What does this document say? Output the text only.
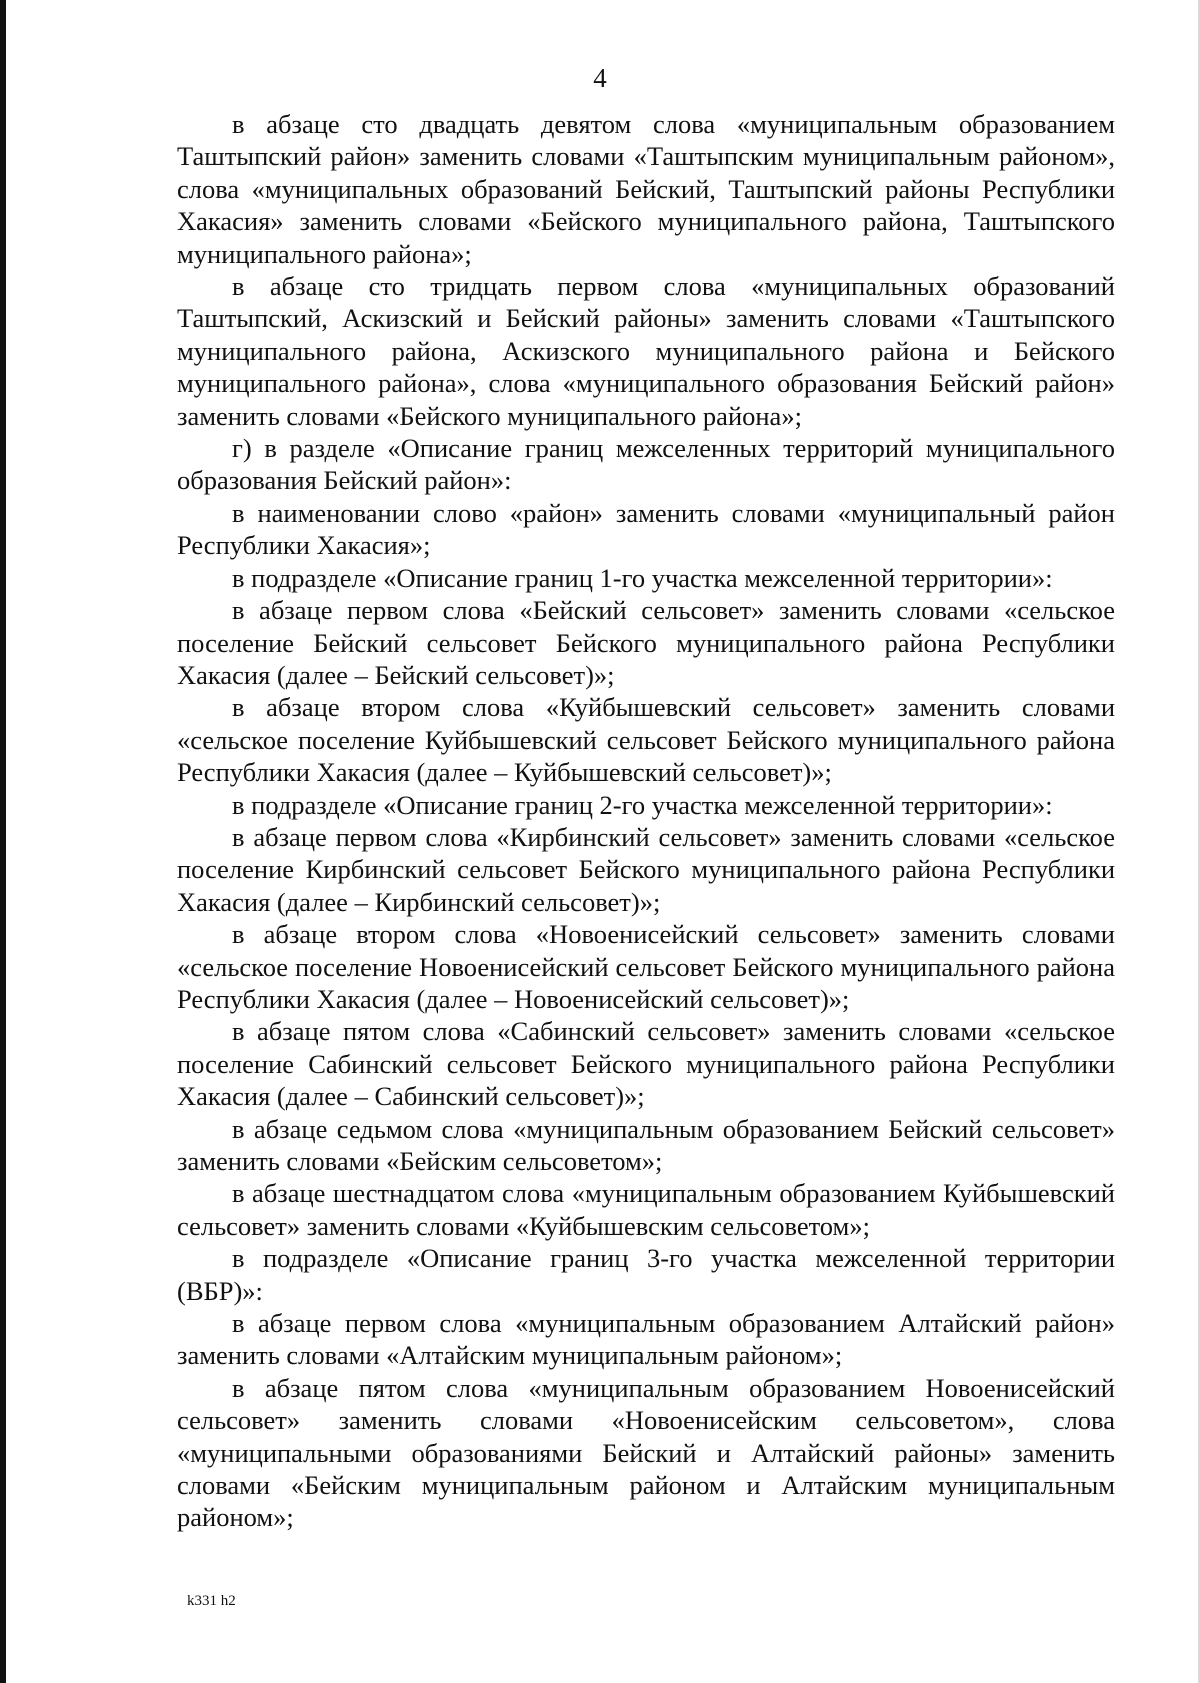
4

в абзаце сто двадцать девятом слова «муниципальным образованием Таштыпский район» заменить словами «Таштыпским муниципальным районом», слова «муниципальных образований Бейский, Таштыпский районы Республики Хакасия» заменить словами «Бейского муниципального района, Таштыпского муниципального района»;

в абзаце сто тридцать первом слова «муниципальных образований Таштыпский, Аскизский и Бейский районы» заменить словами «Таштыпского муниципального района, Аскизского муниципального района и Бейского муниципального района», слова «муниципального образования Бейский район» заменить словами «Бейского муниципального района»;

г) в разделе «Описание границ межселенных территорий муниципального образования Бейский район»:

в наименовании слово «район» заменить словами «муниципальный район Республики Хакасия»;

в подразделе «Описание границ 1-го участка межселенной территории»:

в абзаце первом слова «Бейский сельсовет» заменить словами «сельское поселение Бейский сельсовет Бейского муниципального района Республики Хакасия (далее – Бейский сельсовет)»;

в абзаце втором слова «Куйбышевский сельсовет» заменить словами «сельское поселение Куйбышевский сельсовет Бейского муниципального района Республики Хакасия (далее – Куйбышевский сельсовет)»;

в подразделе «Описание границ 2-го участка межселенной территории»:

в абзаце первом слова «Кирбинский сельсовет» заменить словами «сельское поселение Кирбинский сельсовет Бейского муниципального района Республики Хакасия (далее – Кирбинский сельсовет)»;

в абзаце втором слова «Новоенисейский сельсовет» заменить словами «сельское поселение Новоенисейский сельсовет Бейского муниципального района Республики Хакасия (далее – Новоенисейский сельсовет)»;

в абзаце пятом слова «Сабинский сельсовет» заменить словами «сельское поселение Сабинский сельсовет Бейского муниципального района Республики Хакасия (далее – Сабинский сельсовет)»;

в абзаце седьмом слова «муниципальным образованием Бейский сельсовет» заменить словами «Бейским сельсоветом»;

в абзаце шестнадцатом слова «муниципальным образованием Куйбышевский сельсовет» заменить словами «Куйбышевским сельсоветом»;

в подразделе «Описание границ 3-го участка межселенной территории (ВБР)»:

в абзаце первом слова «муниципальным образованием Алтайский район» заменить словами «Алтайским муниципальным районом»;

в абзаце пятом слова «муниципальным образованием Новоенисейский сельсовет» заменить словами «Новоенисейским сельсоветом», слова «муниципальными образованиями Бейский и Алтайский районы» заменить словами «Бейским муниципальным районом и Алтайским муниципальным районом»;

k331 h2
